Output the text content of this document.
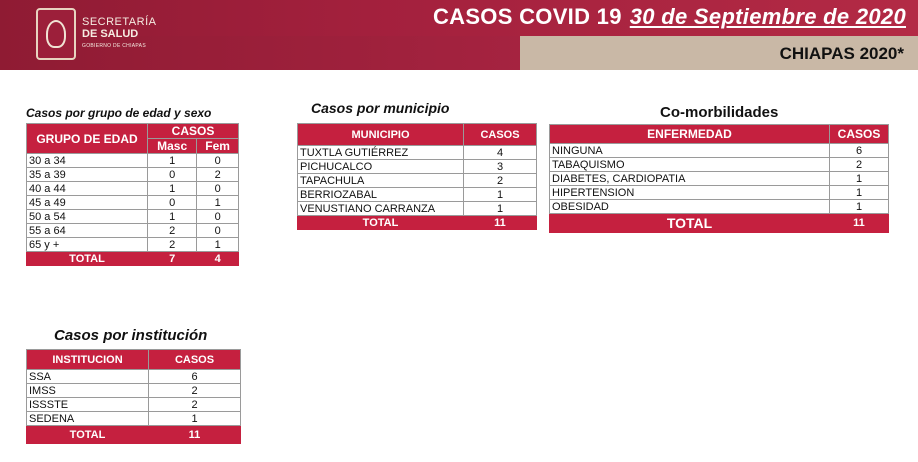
SECRETARÍA
DE SALUD
GOBIERNO DE CHIAPAS
CASOS COVID 19 30 de Septiembre de 2020
CHIAPAS 2020*
Casos por grupo de edad y sexo
GRUPO DE EDAD	CASOS	
	Masc	Fem
30 a 34	1	0
35 a 39	0	2
40 a 44	1	0
45 a 49	0	1
50 a 54	1	0
55 a 64	2	0
65 y +	2	1
TOTAL	7	4
Casos por municipio
MUNICIPIO	CASOS
TUXTLA GUTIÉRREZ	4
PICHUCALCO	3
TAPACHULA	2
BERRIOZABAL	1
VENUSTIANO CARRANZA	1
TOTAL	11
Co-morbilidades
ENFERMEDAD	CASOS
NINGUNA	6
TABAQUISMO	2
DIABETES, CARDIOPATIA	1
HIPERTENSION	1
OBESIDAD	1
TOTAL	11
Casos por institución
INSTITUCION	CASOS
SSA	6
IMSS	2
ISSSTE	2
SEDENA	1
TOTAL	11
